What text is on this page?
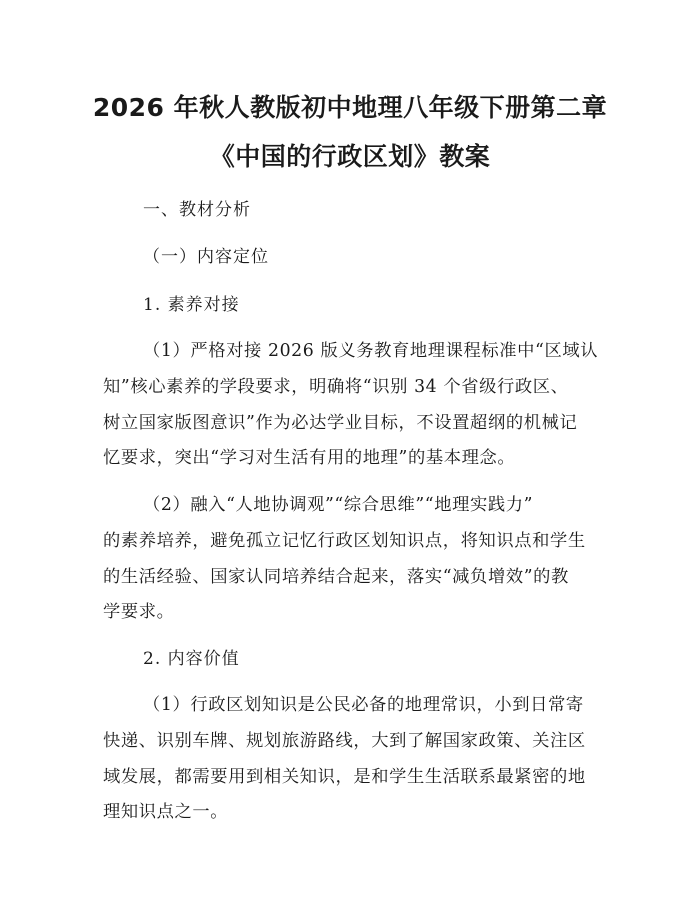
2026 年秋人教版初中地理八年级下册第二章
《中国的行政区划》教案
一、教材分析
（一）内容定位
1. 素养对接
（1）严格对接 2026 版义务教育地理课程标准中“区域认
知”核心素养的学段要求，明确将“识别 34 个省级行政区、
树立国家版图意识”作为必达学业目标，不设置超纲的机械记
忆要求，突出“学习对生活有用的地理”的基本理念。
（2）融入“人地协调观”“综合思维”“地理实践力”
的素养培养，避免孤立记忆行政区划知识点，将知识点和学生
的生活经验、国家认同培养结合起来，落实“减负增效”的教
学要求。
2. 内容价值
（1）行政区划知识是公民必备的地理常识，小到日常寄
快递、识别车牌、规划旅游路线，大到了解国家政策、关注区
域发展，都需要用到相关知识，是和学生生活联系最紧密的地
理知识点之一。
